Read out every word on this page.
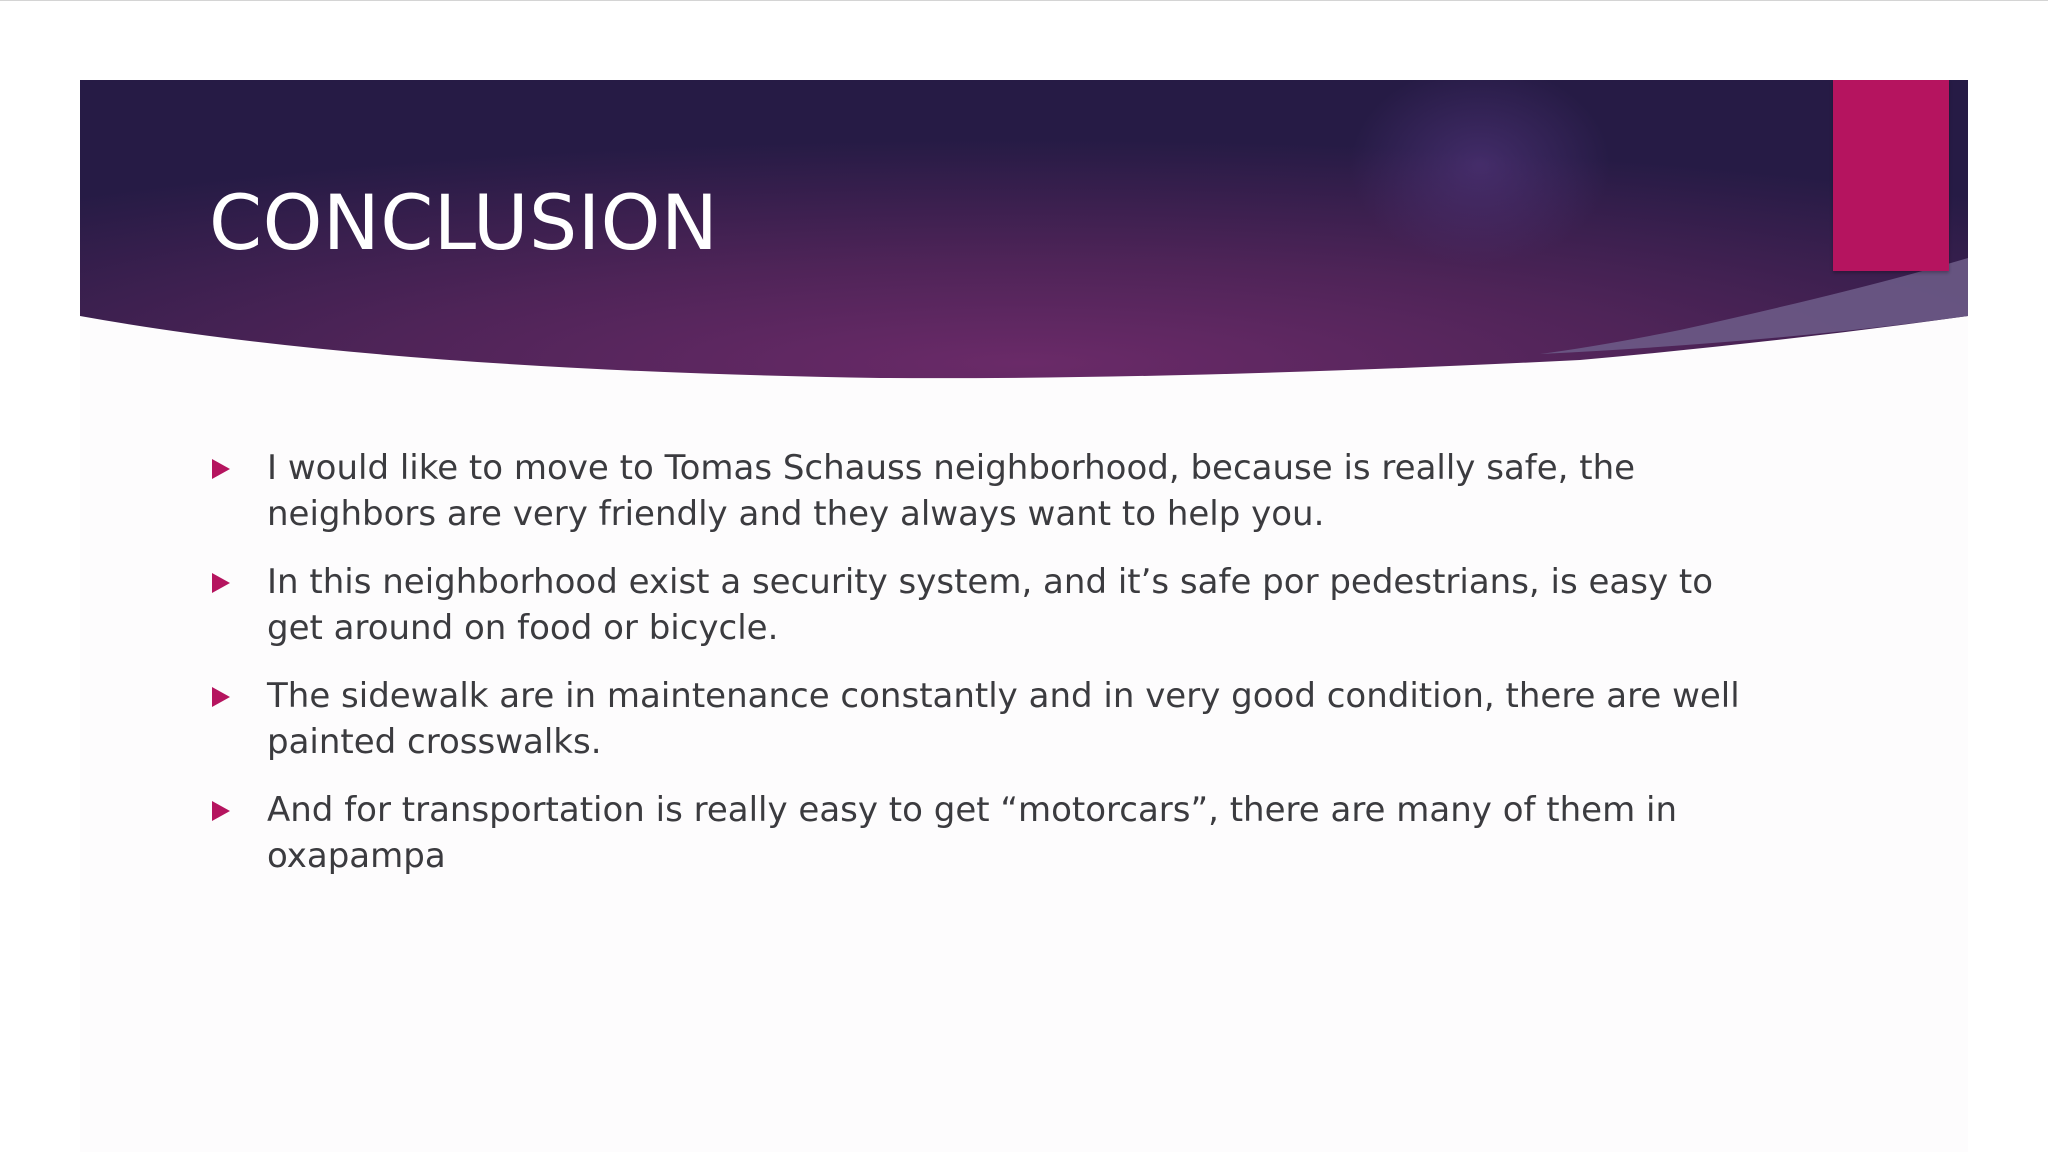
CONCLUSION
I would like to move to Tomas Schauss neighborhood, because is really safe, the neighbors are very friendly and they always want to help you.
In this neighborhood exist a security system, and it’s safe por pedestrians, is easy to get around on food or bicycle.
The sidewalk are in maintenance constantly and in very good condition, there are well painted crosswalks.
And for transportation is really easy to get “motorcars”, there are many of them in oxapampa
